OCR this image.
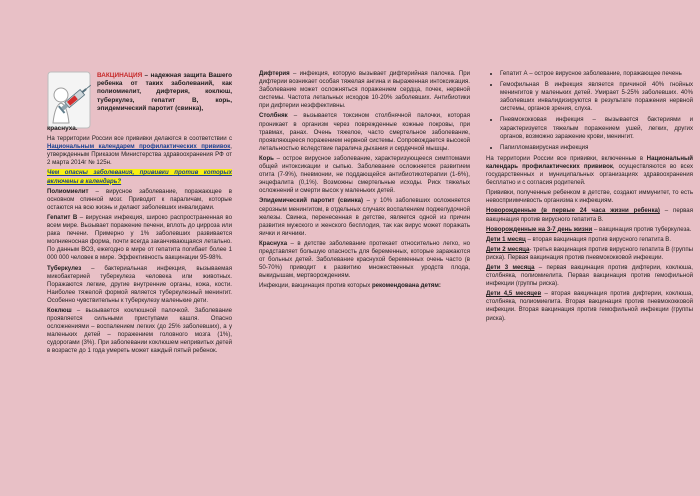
ВАКЦИНАЦИЯ – надежная защита Вашего ребенка от таких заболеваний, как полиомиелит, дифтерия, коклюш, туберкулез, гепатит В, корь, эпидемический паротит (свинка),

краснуха.

На территории России все прививки делаются в соответствии с Национальным календарем профилактических прививок, утвержденным Приказом Министерства здравоохранения РФ от 2 марта 2014г № 125н.

Чем опасны заболевания, прививки против которых включены в календарь?

Полиомиелит – вирусное заболевание, поражающее в основном спинной мозг. Приводит к параличам, которые остаются на всю жизнь и делают заболевших инвалидами.

Гепатит В – вирусная инфекция, широко распространенная во всем мире. Вызывает поражение печени, вплоть до цирроза или рака печени. Примерно у 1% заболевших развивается молниеносная форма, почти всегда заканчивающаяся летально. По данным ВОЗ, ежегодно в мире от гепатита погибает более 1 000 000 человек в мире. Эффективность вакцинации 95-98%.

Туберкулез – бактериальная инфекция, вызываемая микобактерией туберкулеза человека или животных. Поражаются легкие, другие внутренние органы, кожа, кости. Наиболее тяжелой формой является туберкулезный менингит. Особенно чувствительны к туберкулезу маленькие дети.

Коклюш – вызывается коклюшной палочкой. Заболевание проявляется сильными приступами кашля. Опасно осложнениями – воспалением легких (до 25% заболевших), а у маленьких детей – поражением головного мозга (1%), судорогами (3%). При заболевании коклюшем непривитых детей в возрасте до 1 года умереть может каждый пятый ребенок.

Дифтерия – инфекция, которую вызывает дифтерийная палочка. При дифтерии возникает особая тяжелая ангина и выраженная интоксикация. Заболевание может осложняться поражением сердца, почек, нервной системы. Частота летальных исходов 10-20% заболевших. Антибиотики при дифтерии неэффективны.

Столбняк – вызывается токсином столбнячной палочки, которая проникает в организм через поврежденные кожные покровы, при травмах, ранах. Очень тяжелое, часто смертельное заболевание, проявляющееся поражением нервной системы. Сопровождается высокой летальностью вследствие паралича дыхания и сердечной мышцы.

Корь – острое вирусное заболевание, характеризующееся симптомами общей интоксикации и сыпью. Заболевание осложняется развитием отита (7-9%), пневмонии, не поддающейся антибиотикотерапии (1-6%), энцефалита (0,1%). Возможны смертельные исходы. Риск тяжелых осложнений и смерти высок у маленьких детей.

Эпидемический паротит (свинка) – у 10% заболевших осложняется серозным менингитом, в отдельных случаях воспалением поджелудочной железы. Свинка, перенесенная в детстве, является одной из причин развития мужского и женского бесплодия, так как вирус может поражать яички и яичники.

Краснуха – в детстве заболевание протекает относительно легко, но представляет большую опасность для беременных, которые заражаются от больных детей. Заболевание краснухой беременных очень часто (в 50-70%) приводит к развитию множественных уродств плода, выкидышам, мертворождениям.

Инфекции, вакцинация против которых рекомендована детям:

• Гепатит А – острое вирусное заболевание, поражающее печень
• Гемофильная В инфекция является причиной 40% гнойных менингитов у маленьких детей. Умирает 5-25% заболевших. 40% заболевших инвалидизируются в результате поражения нервной системы, органов зрения, слуха.
• Пневмококковая инфекция – вызывается бактериями и характеризуется тяжелым поражением ушей, легких, других органов, возможно заражение крови, менингит.
• Папилломавирусная инфекция

На территории России все прививки, включенные в Национальный календарь профилактических прививок, осуществляются во всех государственных и муниципальных организациях здравоохранения бесплатно и с согласия родителей.

Прививки, полученные ребенком в детстве, создают иммунитет, то есть невосприимчивость организма к инфекциям.

Новорожденные (в первые 24 часа жизни ребенка) – первая вакцинация против вирусного гепатита В.

Новорожденные на 3-7 день жизни – вакцинация против туберкулеза.

Дети 1 месяц – вторая вакцинация против вирусного гепатита В.

Дети 2 месяца- третья вакцинация против вирусного гепатита В (группы риска). Первая вакцинация против пневмококковой инфекции.

Дети 3 месяца – первая вакцинация против дифтерии, коклюша, столбняка, полиомиелита. Первая вакцинация против гемофильной инфекции (группы риска).

Дети 4,5 месяцев – вторая вакцинация против дифтерии, коклюша, столбняка, полиомиелита. Вторая вакцинация против пневмококковой инфекции. Вторая вакцинация против гемофильной инфекции (группы риска).
